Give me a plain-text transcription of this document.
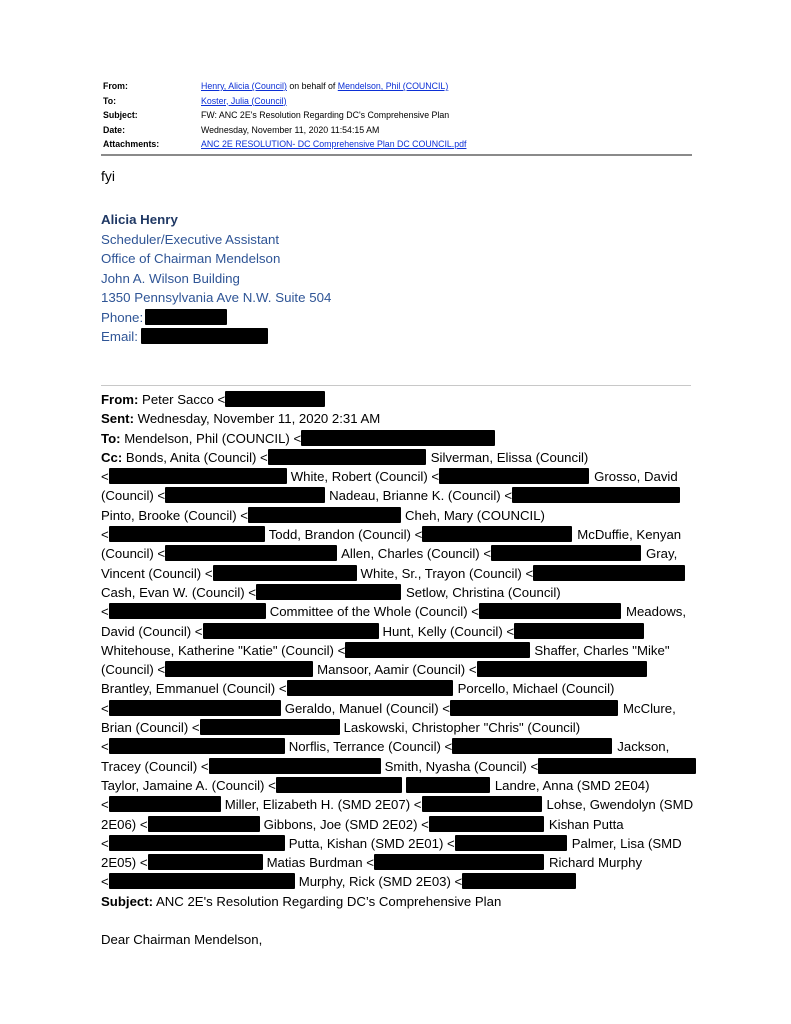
From:	Henry, Alicia (Council) on behalf of Mendelson, Phil (COUNCIL)
To:	Koster, Julia (Council)
Subject:	FW: ANC 2E's Resolution Regarding DC's Comprehensive Plan
Date:	Wednesday, November 11, 2020 11:54:15 AM
Attachments:	ANC 2E RESOLUTION- DC Comprehensive Plan DC COUNCIL.pdf
fyi
Alicia Henry
Scheduler/Executive Assistant
Office of Chairman Mendelson
John A. Wilson Building
1350 Pennsylvania Ave N.W. Suite 504
Phone:
Email:
From: Peter Sacco <
Sent: Wednesday, November 11, 2020 2:31 AM
To: Mendelson, Phil (COUNCIL) <
Cc: Bonds, Anita (Council) <	Silverman, Elissa (Council)
<	White, Robert (Council) <	Grosso, David
(Council) <	Nadeau, Brianne K. (Council) <
Pinto, Brooke (Council) <	Cheh, Mary (COUNCIL)
<	Todd, Brandon (Council) <	McDuffie, Kenyan
(Council) <	Allen, Charles (Council) <	Gray,
Vincent (Council) <	White, Sr., Trayon (Council) <
Cash, Evan W. (Council) <	Setlow, Christina (Council)
<	Committee of the Whole (Council) <	Meadows,
David (Council) <	Hunt, Kelly (Council) <
Whitehouse, Katherine "Katie" (Council) <	Shaffer, Charles "Mike"
(Council) <	Mansoor, Aamir (Council) <
Brantley, Emmanuel (Council) <	Porcello, Michael (Council)
<	Geraldo, Manuel (Council) <	McClure,
Brian (Council) <	Laskowski, Christopher "Chris" (Council)
<	Norflis, Terrance (Council) <	Jackson,
Tracey (Council) <	Smith, Nyasha (Council) <
Taylor, Jamaine A. (Council) <	Landre, Anna (SMD 2E04)
<	Miller, Elizabeth H. (SMD 2E07) <	Lohse, Gwendolyn (SMD
2E06) <	Gibbons, Joe (SMD 2E02) <	Kishan Putta
<	Putta, Kishan (SMD 2E01) <	Palmer, Lisa (SMD
2E05) <	Matias Burdman <	Richard Murphy
<	Murphy, Rick (SMD 2E03) <
Subject: ANC 2E's Resolution Regarding DC’s Comprehensive Plan
Dear Chairman Mendelson,
